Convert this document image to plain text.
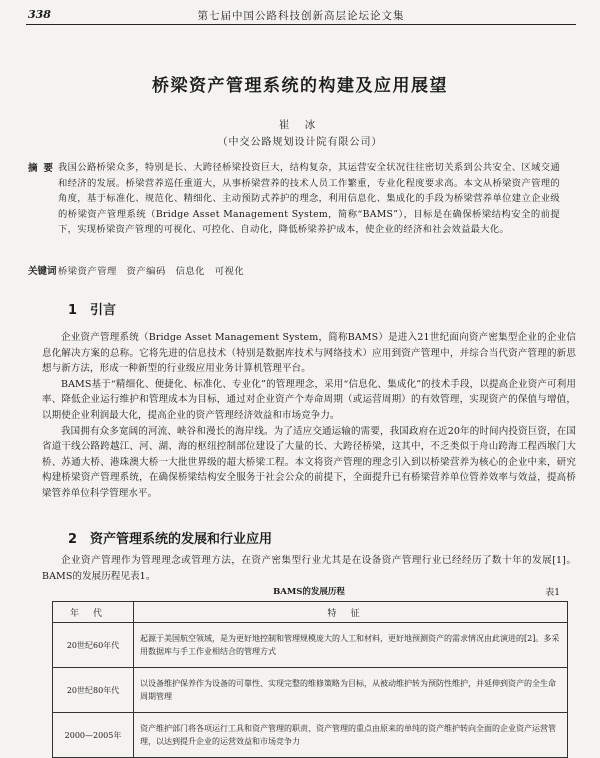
338	第七届中国公路科技创新高层论坛论文集
桥梁资产管理系统的构建及应用展望
崔 冰
（中交公路规划设计院有限公司）
摘要
我国公路桥梁众多，特别是长、大跨径桥梁投资巨大，结构复杂，其运营安全状况往往密切关系到公共安全、区域交通和经济的发展。桥梁营养巡任重道大，从事桥梁营养的技术人员工作繁重，专业化程度要求高。本文从桥梁资产管理的角度，基于标准化、规范化、精细化、主动预防式养护的理念，利用信息化、集成化的手段为桥梁营养单位建立企业级的桥梁资产管理系统（Bridge Asset Management System，简称“BAMS”），目标是在确保桥梁结构安全的前提下，实现桥梁资产管理的可视化、可控化、自动化，降低桥梁养护成本，使企业的经济和社会效益最大化。
关键词 桥梁资产管理　资产编码　信息化　可视化
1 引言

企业资产管理系统（Bridge Asset Management System，简称BAMS）是进入21世纪面向资产密集型企业的企业信息化解决方案的总称。它将先进的信息技术（特别是数据库技术与网络技术）应用到资产管理中，并综合当代资产管理的新思想与新方法，形成一种新型的行业级应用业务计算机管理平台。

BAMS基于“精细化、便捷化、标准化、专业化”的管理理念，采用“信息化、集成化”的技术手段，以提高企业资产可利用率、降低企业运行维护和管理成本为目标，通过对企业资产个寿命周期（或运营周期）的有效管理，实现资产的保值与增值，以期使企业利润最大化，提高企业的资产管理经济效益和市场竞争力。

我国拥有众多宽阔的河流、峡谷和漫长的海岸线。为了适应交通运输的需要，我国政府在近20年的时间内投资巨资，在国省道干线公路跨越江、河、湖、海的枢纽控制部位建设了大量的长、大跨径桥梁，这其中，不乏类似于舟山跨海工程西堠门大桥、苏通大桥、港珠澳大桥一大批世界级的超大桥梁工程。本文将资产管理的理念引入到以桥梁营养为核心的企业中来，研究构建桥梁资产管理系统，在确保桥梁结构安全服务于社会公众的前提下，全面提升已有桥梁营养单位管养效率与效益，提高桥梁管养单位科学管理水平。

2 资产管理系统的发展和行业应用

企业资产管理作为管理理念或管理方法，在资产密集型行业尤其是在设备资产管理行业已经经历了数十年的发展[1]。BAMS的发展历程见表1。

BAMS的发展历程	表1
年代	特征
20世纪60年代	起源于美国航空领域，是为更好地控制和管理规模庞大的人工和材料，更好地预测资产的需求情况由此演进的[2]。多采用数据库与手工作业相结合的管理方式
20世纪80年代	以设备维护保养作为设备的可靠性、实现完整的维修策略为目标，从被动维护转为预防性维护，并延伸到资产的全生命周期管理
2000—2005年	资产维护部门将各项运行工具和资产管理的职责、资产管理的重点由原来的单纯的资产维护转向全面的企业资产运营管理，以达到提升企业的运营效益和市场竞争力
